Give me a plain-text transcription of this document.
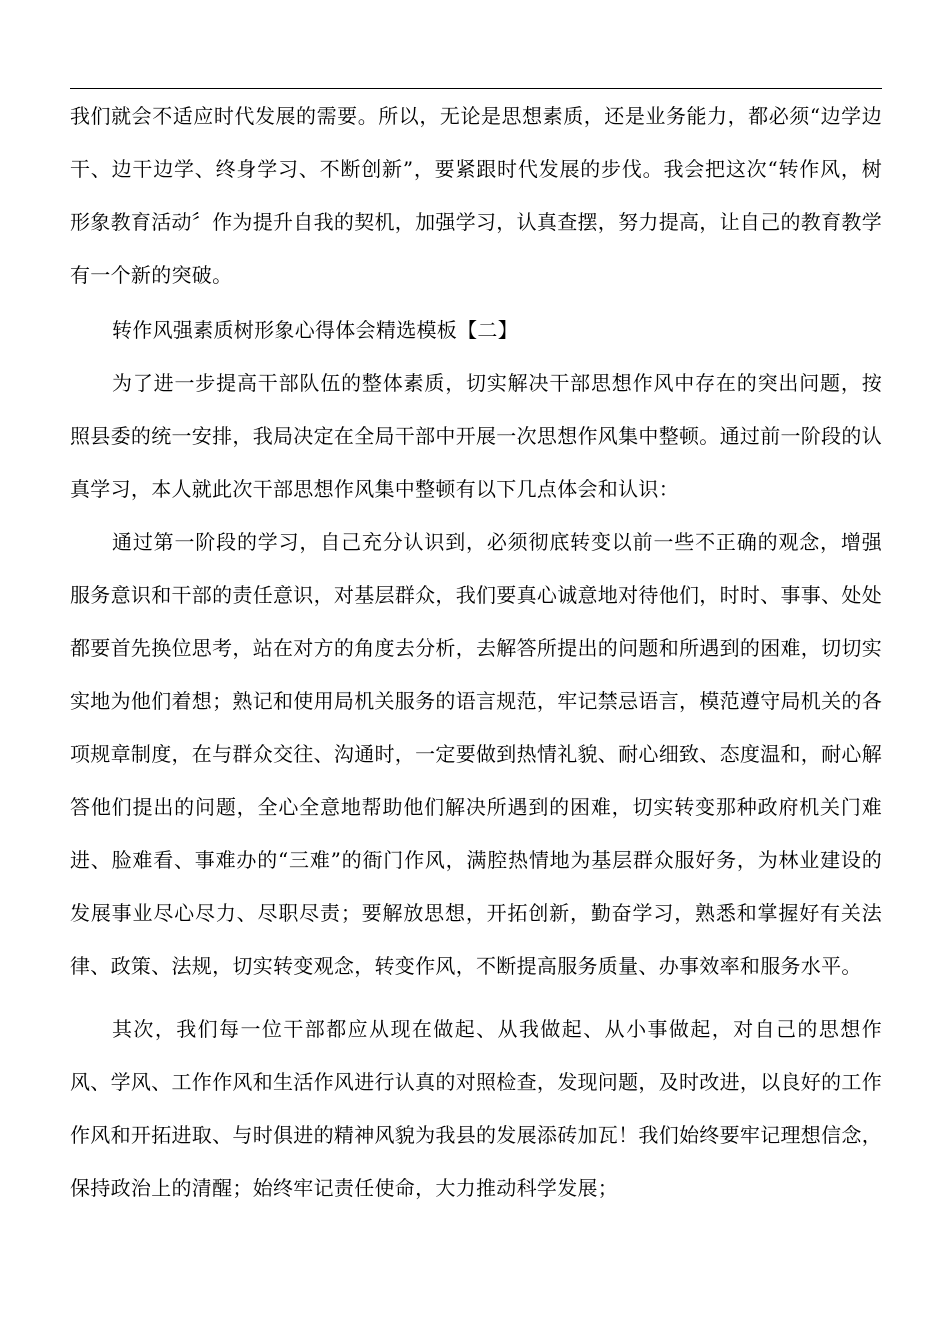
我们就会不适应时代发展的需要。所以，无论是思想素质，还是业务能力，都必须“边学边干、边干边学、终身学习、不断创新”，要紧跟时代发展的步伐。我会把这次“转作风，树形象教育活动〞作为提升自我的契机，加强学习，认真查摆，努力提高，让自己的教育教学有一个新的突破。

转作风强素质树形象心得体会精选模板【二】

为了进一步提高干部队伍的整体素质，切实解决干部思想作风中存在的突出问题，按照县委的统一安排，我局决定在全局干部中开展一次思想作风集中整顿。通过前一阶段的认真学习，本人就此次干部思想作风集中整顿有以下几点体会和认识：

通过第一阶段的学习，自己充分认识到，必须彻底转变以前一些不正确的观念，增强服务意识和干部的责任意识，对基层群众，我们要真心诚意地对待他们，时时、事事、处处都要首先换位思考，站在对方的角度去分析，去解答所提出的问题和所遇到的困难，切切实实地为他们着想；熟记和使用局机关服务的语言规范，牢记禁忌语言，模范遵守局机关的各项规章制度，在与群众交往、沟通时，一定要做到热情礼貌、耐心细致、态度温和，耐心解答他们提出的问题，全心全意地帮助他们解决所遇到的困难，切实转变那种政府机关门难进、脸难看、事难办的“三难”的衙门作风，满腔热情地为基层群众服好务，为林业建设的发展事业尽心尽力、尽职尽责；要解放思想，开拓创新，勤奋学习，熟悉和掌握好有关法律、政策、法规，切实转变观念，转变作风，不断提高服务质量、办事效率和服务水平。

其次，我们每一位干部都应从现在做起、从我做起、从小事做起，对自己的思想作风、学风、工作作风和生活作风进行认真的对照检查，发现问题，及时改进，以良好的工作作风和开拓进取、与时俱进的精神风貌为我县的发展添砖加瓦！我们始终要牢记理想信念，保持政治上的清醒；始终牢记责任使命，大力推动科学发展；
